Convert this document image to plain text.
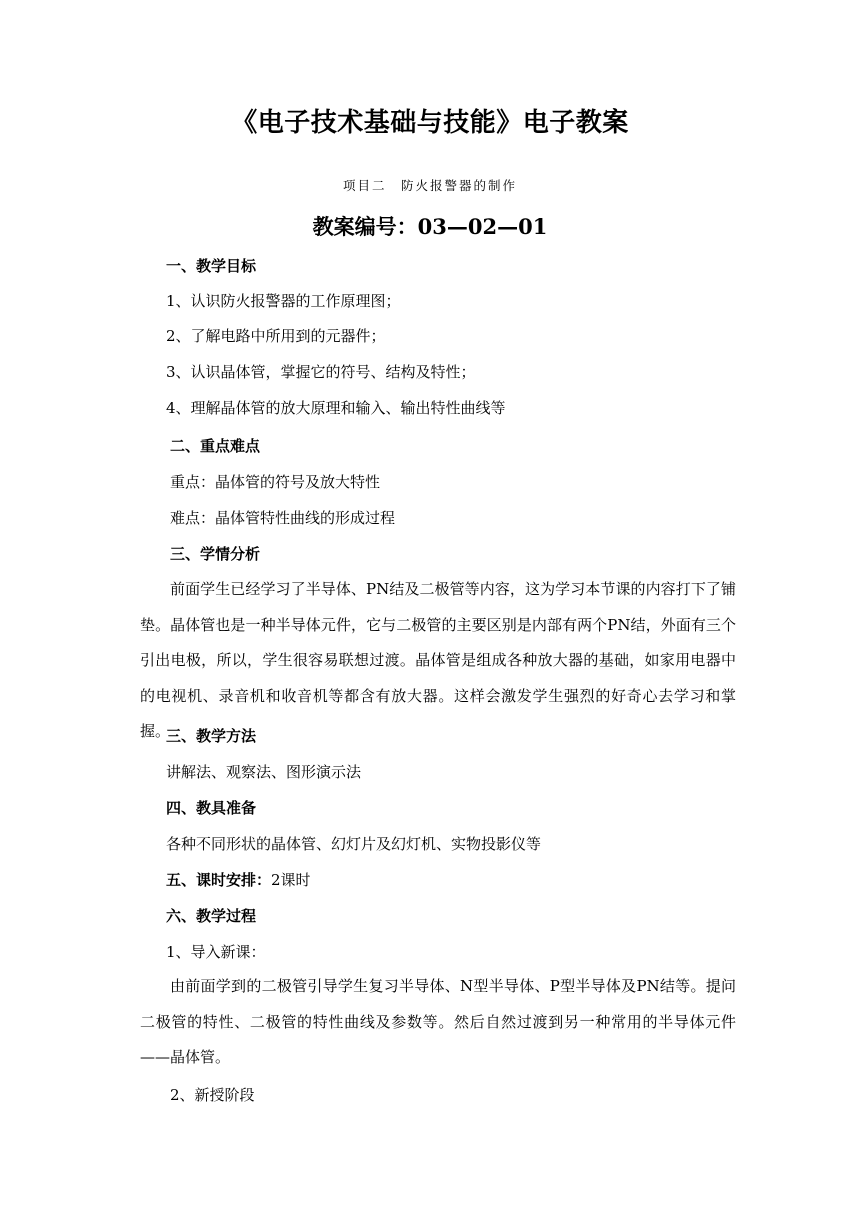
《电子技术基础与技能》电子教案
项目二　防火报警器的制作
教案编号：03—02—01
一、教学目标
1、认识防火报警器的工作原理图；
2、了解电路中所用到的元器件；
3、认识晶体管，掌握它的符号、结构及特性；
4、理解晶体管的放大原理和输入、输出特性曲线等
二、重点难点
重点：晶体管的符号及放大特性
难点：晶体管特性曲线的形成过程
三、学情分析
前面学生已经学习了半导体、PN结及二极管等内容，这为学习本节课的内容打下了铺垫。晶体管也是一种半导体元件，它与二极管的主要区别是内部有两个PN结，外面有三个引出电极，所以，学生很容易联想过渡。晶体管是组成各种放大器的基础，如家用电器中的电视机、录音机和收音机等都含有放大器。这样会激发学生强烈的好奇心去学习和掌握。
三、教学方法
讲解法、观察法、图形演示法
四、教具准备
各种不同形状的晶体管、幻灯片及幻灯机、实物投影仪等
五、课时安排：2课时
六、教学过程
1、导入新课：
由前面学到的二极管引导学生复习半导体、N型半导体、P型半导体及PN结等。提问二极管的特性、二极管的特性曲线及参数等。然后自然过渡到另一种常用的半导体元件——晶体管。
2、新授阶段
